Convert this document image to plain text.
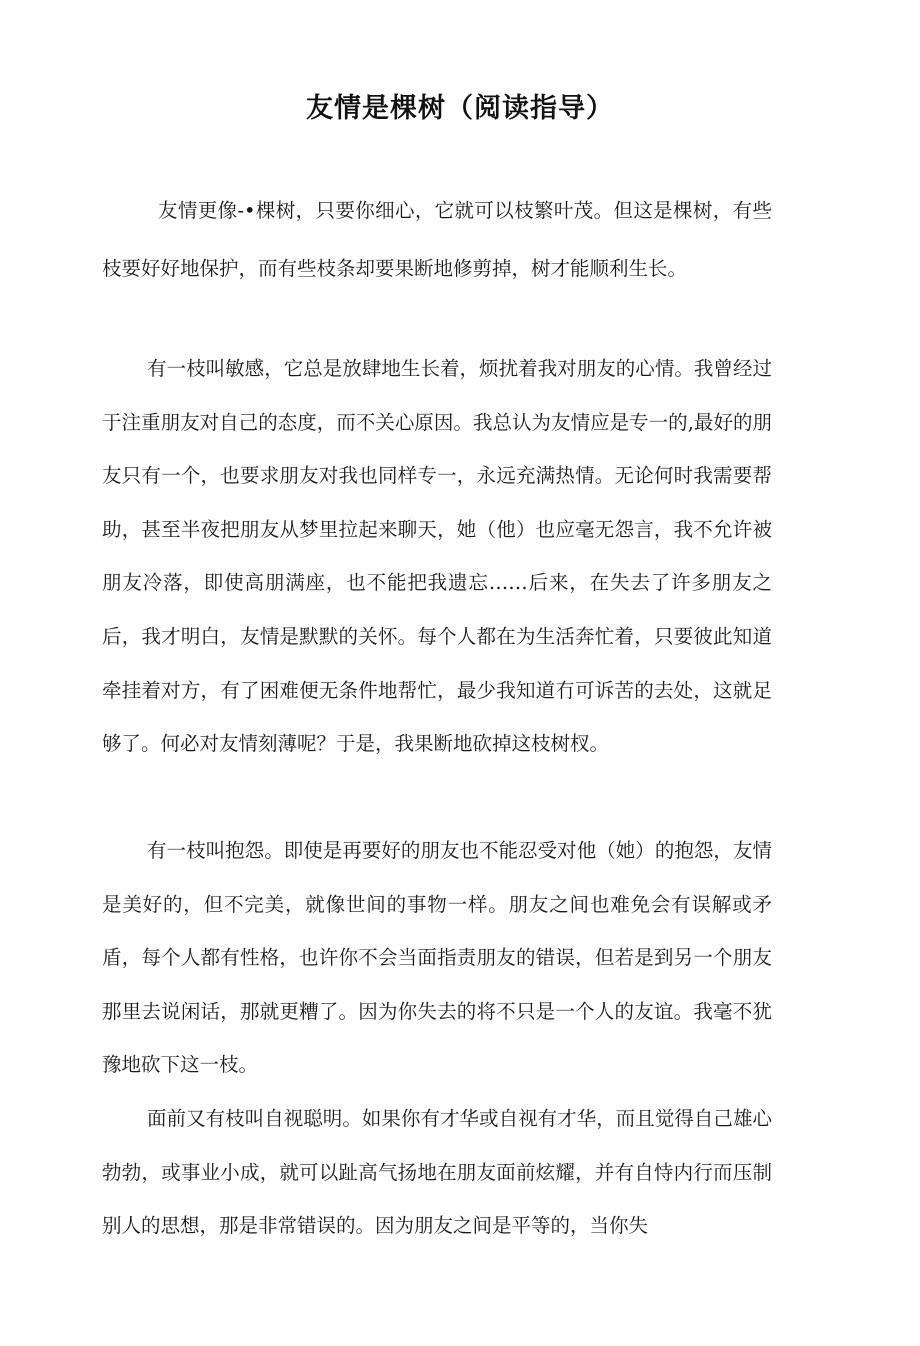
友情是棵树（阅读指导）

友情更像-•棵树，只要你细心，它就可以枝繁叶茂。但这是棵树，有些枝要好好地保护，而有些枝条却要果断地修剪掉，树才能顺利生长。

有一枝叫敏感，它总是放肆地生长着，烦扰着我对朋友的心情。我曾经过于注重朋友对自己的态度，而不关心原因。我总认为友情应是专一的,最好的朋友只有一个，也要求朋友对我也同样专一，永远充满热情。无论何时我需要帮助，甚至半夜把朋友从梦里拉起来聊天，她（他）也应毫无怨言，我不允许被朋友冷落，即使高朋满座，也不能把我遗忘……后来，在失去了许多朋友之后，我才明白，友情是默默的关怀。每个人都在为生活奔忙着，只要彼此知道牵挂着对方，有了困难便无条件地帮忙，最少我知道冇可诉苦的去处，这就足够了。何必对友情刻薄呢？于是，我果断地砍掉这枝树杈。

有一枝叫抱怨。即使是再要好的朋友也不能忍受对他（她）的抱怨，友情是美好的，但不完美，就像世间的事物一样。朋友之间也难免会有误解或矛盾，每个人都有性格，也许你不会当面指责朋友的错误，但若是到另一个朋友那里去说闲话，那就更糟了。因为你失去的将不只是一个人的友谊。我毫不犹豫地砍下这一枝。

面前又有枝叫自视聪明。如果你有才华或自视有才华，而且觉得自己雄心勃勃，或事业小成，就可以趾高气扬地在朋友面前炫耀，并有自恃内行而压制别人的思想，那是非常错误的。因为朋友之间是平等的，当你失
